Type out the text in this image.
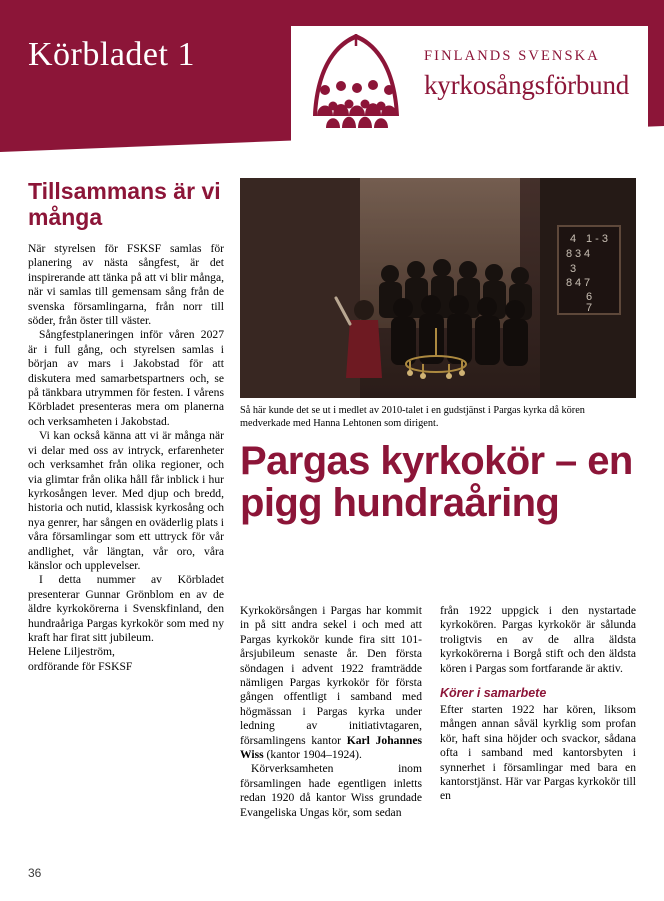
Körbladet 1	FINLANDS SVENSKA
kyrkosångsförbund
Tillsammans är vi många

När styrelsen för FSKSF samlas för planering av nästa sångfest, är det inspirerande att tänka på att vi blir många, när vi samlas till gemensam sång från de svenska församlingarna, från norr till söder, från öster till väster.

Sångfestplaneringen inför våren 2027 är i full gång, och styrelsen samlas i början av mars i Jakobstad för att diskutera med samarbetspartners och, se på tänkbara utrymmen för festen. I vårens Körbladet presenteras mera om planerna och verksamheten i Jakobstad.

Vi kan också känna att vi är många när vi delar med oss av intryck, erfarenheter och verksamhet från olika regioner, och via glimtar från olika håll får inblick i hur kyrkosången lever. Med djup och bredd, historia och nutid, klassisk kyrkosång och nya genrer, har sången en oväderlig plats i våra församlingar som ett uttryck för vår andlighet, vår längtan, vår oro, våra känslor och upplevelser.

I detta nummer av Körbladet presenterar Gunnar Grönblom en av de äldre kyrkokörerna i Svenskfinland, den hundraåriga Pargas kyrkokör som med ny kraft har firat sitt jubileum.

Helene Liljeström,
ordförande för FSKSF
4 1 - 3
8 3 4
3
8 4 7
6
7
Så här kunde det se ut i medlet av 2010-talet i en gudstjänst i Pargas kyrka då kören medverkade med Hanna Lehtonen som dirigent.
Pargas kyrkokör – en pigg hundraåring

Kyrkokörsången i Pargas har kommit in på sitt andra sekel i och med att Pargas kyrkokör kunde fira sitt 101-årsjubileum senaste år. Den första söndagen i advent 1922 framträdde nämligen Pargas kyrkokör för första gången offentligt i samband med högmässan i Pargas kyrka under ledning av initiativtagaren, församlingens kantor Karl Johannes Wiss (kantor 1904–1924).

Körverksamheten inom församlingen hade egentligen inletts redan 1920 då kantor Wiss grundade Evangeliska Ungas kör, som sedan

från 1922 uppgick i den nystartade kyrkokören. Pargas kyrkokör är sålunda troligtvis en av de allra äldsta kyrkokörerna i Borgå stift och den äldsta kören i Pargas som fortfarande är aktiv.

Körer i samarbete

Efter starten 1922 har kören, liksom mången annan såväl kyrklig som profan kör, haft sina höjder och svackor, sådana ofta i samband med kantorsbyten i synnerhet i församlingar med bara en kantorstjänst. Här var Pargas kyrkokör till en

36
